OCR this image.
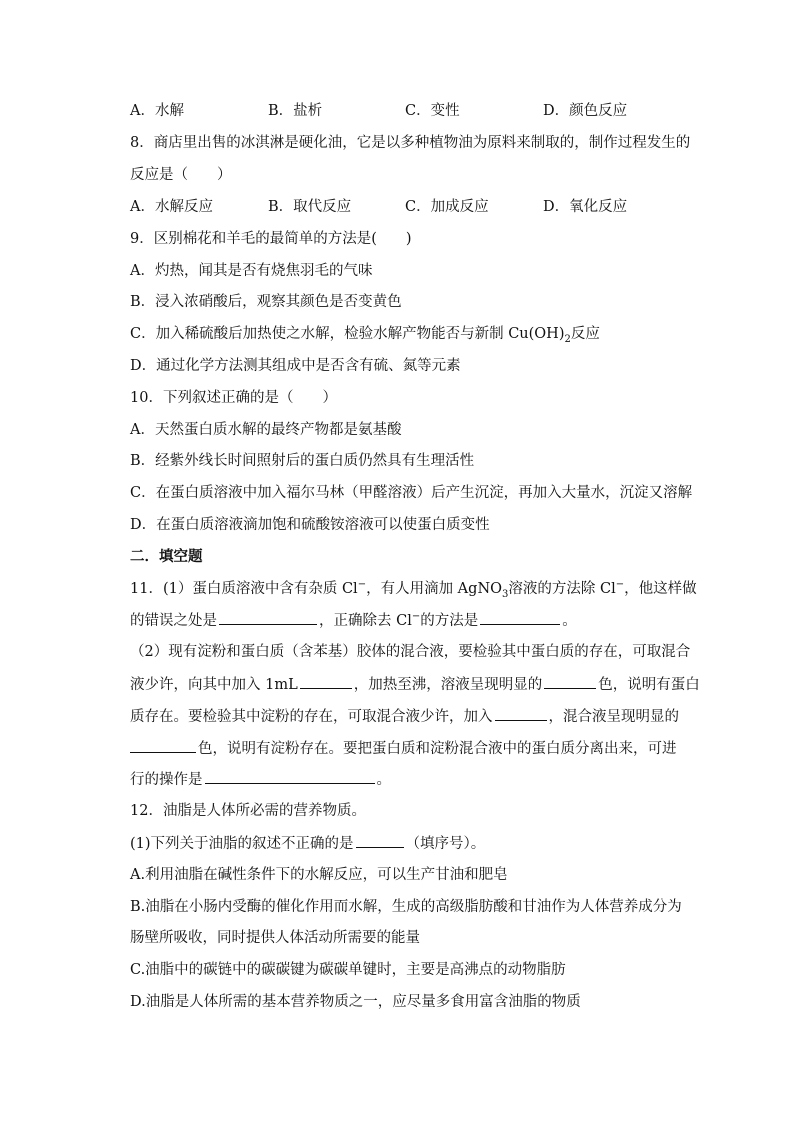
A．水解	B．盐析	C．变性	D．颜色反应
8．商店里出售的冰淇淋是硬化油，它是以多种植物油为原料来制取的，制作过程发生的
反应是（　　）
A．水解反应	B．取代反应	C．加成反应	D．氧化反应
9．区别棉花和羊毛的最简单的方法是(　　)
A．灼热，闻其是否有烧焦羽毛的气味
B．浸入浓硝酸后，观察其颜色是否变黄色
C．加入稀硫酸后加热使之水解，检验水解产物能否与新制 $Cu(OH)_2$反应
D．通过化学方法测其组成中是否含有硫、氮等元素
10．下列叙述正确的是（　　）
A．天然蛋白质水解的最终产物都是氨基酸
B．经紫外线长时间照射后的蛋白质仍然具有生理活性
C．在蛋白质溶液中加入福尔马林（甲醛溶液）后产生沉淀，再加入大量水，沉淀又溶解
D．在蛋白质溶液滴加饱和硫酸铵溶液可以使蛋白质变性
二．填空题
11．(1）蛋白质溶液中含有杂质 Cl−，有人用滴加 AgNO$_3$溶液的方法除 Cl−，他这样做
的错误之处是	，正确除去 Cl−的方法是	。
（2）现有淀粉和蛋白质（含苯基）胶体的混合液，要检验其中蛋白质的存在，可取混合
液少许，向其中加入 1mL	，加热至沸，溶液呈现明显的	色，说明有蛋白
质存在。要检验其中淀粉的存在，可取混合液少许，加入	，混合液呈现明显的
色，说明有淀粉存在。要把蛋白质和淀粉混合液中的蛋白质分离出来，可进
行的操作是	。
12．油脂是人体所必需的营养物质。
(1)下列关于油脂的叙述不正确的是	（填序号）。
A.利用油脂在碱性条件下的水解反应，可以生产甘油和肥皂
B.油脂在小肠内受酶的催化作用而水解，生成的高级脂肪酸和甘油作为人体营养成分为
肠壁所吸收，同时提供人体活动所需要的能量
C.油脂中的碳链中的碳碳键为碳碳单键时，主要是高沸点的动物脂肪
D.油脂是人体所需的基本营养物质之一，应尽量多食用富含油脂的物质
